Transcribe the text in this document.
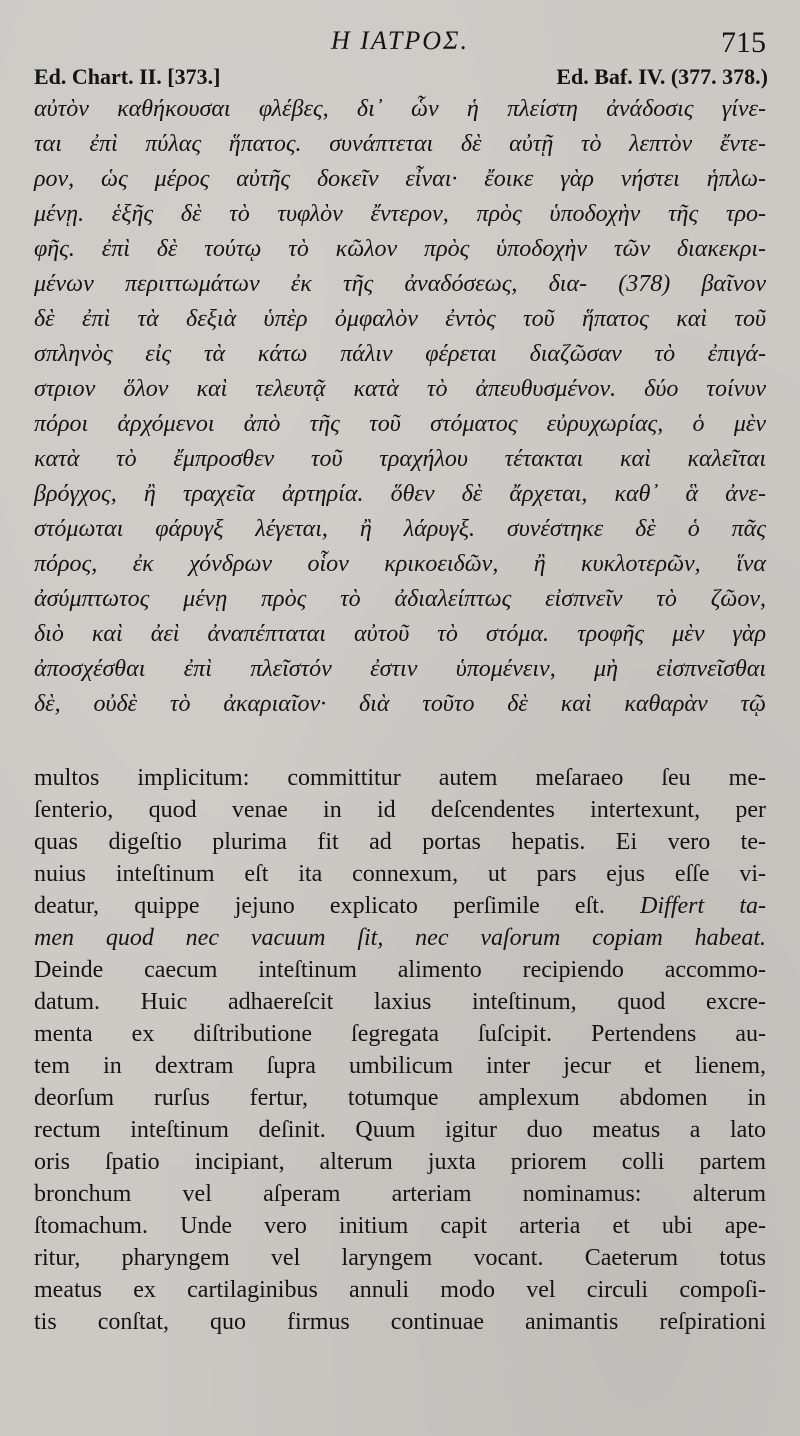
Η ΙΑΤΡΟΣ.	715
Ed. Chart. II. [373.]	Ed. Baf. IV. (377. 378.)
αὐτὸν καθήκουσαι φλέβες, δι᾽ ὧν ἡ πλείστη ἀνάδοσις γίνε-
ται ἐπὶ πύλας ἥπατος. συνάπτεται δὲ αὐτῇ τὸ λεπτὸν ἔντε-
ρον, ὡς μέρος αὐτῆς δοκεῖν εἶναι· ἔοικε γὰρ νήστει ἡπλω-
μένῃ. ἑξῆς δὲ τὸ τυφλὸν ἔντερον, πρὸς ὑποδοχὴν τῆς τρο-
φῆς. ἐπὶ δὲ τούτῳ τὸ κῶλον πρὸς ὑποδοχὴν τῶν διακεκρι-
μένων περιττωμάτων ἐκ τῆς ἀναδόσεως, δια- (378) βαῖνον
δὲ ἐπὶ τὰ δεξιὰ ὑπὲρ ὀμφαλὸν ἐντὸς τοῦ ἥπατος καὶ τοῦ
σπληνὸς εἰς τὰ κάτω πάλιν φέρεται διαζῶσαν τὸ ἐπιγά-
στριον ὅλον καὶ τελευτᾷ κατὰ τὸ ἀπευθυσμένον. δύο τοίνυν
πόροι ἀρχόμενοι ἀπὸ τῆς τοῦ στόματος εὐρυχωρίας, ὁ μὲν
κατὰ τὸ ἔμπροσθεν τοῦ τραχήλου τέτακται καὶ καλεῖται
βρόγχος, ἢ τραχεῖα ἀρτηρία. ὅθεν δὲ ἄρχεται, καθ᾽ ἃ ἀνε-
στόμωται φάρυγξ λέγεται, ἢ λάρυγξ. συνέστηκε δὲ ὁ πᾶς
πόρος, ἐκ χόνδρων οἷον κρικοειδῶν, ἢ κυκλοτερῶν, ἵνα
ἀσύμπτωτος μένῃ πρὸς τὸ ἀδιαλείπτως εἰσπνεῖν τὸ ζῶον,
διὸ καὶ ἀεὶ ἀναπέπταται αὐτοῦ τὸ στόμα. τροφῆς μὲν γὰρ
ἀποσχέσθαι ἐπὶ πλεῖστόν ἐστιν ὑπομένειν, μὴ εἰσπνεῖσθαι
δὲ, οὐδὲ τὸ ἀκαριαῖον· διὰ τοῦτο δὲ καὶ καθαρὰν τῷ
multos implicitum: committitur autem meſaraeo ſeu me-
ſenterio, quod venae in id deſcendentes intertexunt, per
quas digeſtio plurima fit ad portas hepatis. Ei vero te-
nuius inteſtinum eſt ita connexum, ut pars ejus eſſe vi-
deatur, quippe jejuno explicato perſimile eſt. Differt ta-
men quod nec vacuum ſit, nec vaſorum copiam habeat.
Deinde caecum inteſtinum alimento recipiendo accommo-
datum. Huic adhaereſcit laxius inteſtinum, quod excre-
menta ex diſtributione ſegregata ſuſcipit. Pertendens au-
tem in dextram ſupra umbilicum inter jecur et lienem,
deorſum rurſus fertur, totumque amplexum abdomen in
rectum inteſtinum deſinit. Quum igitur duo meatus a lato
oris ſpatio incipiant, alterum juxta priorem colli partem
bronchum vel aſperam arteriam nominamus: alterum
ſtomachum. Unde vero initium capit arteria et ubi ape-
ritur, pharyngem vel laryngem vocant. Caeterum totus
meatus ex cartilaginibus annuli modo vel circuli compoſi-
tis conſtat, quo firmus continuae animantis reſpirationi
